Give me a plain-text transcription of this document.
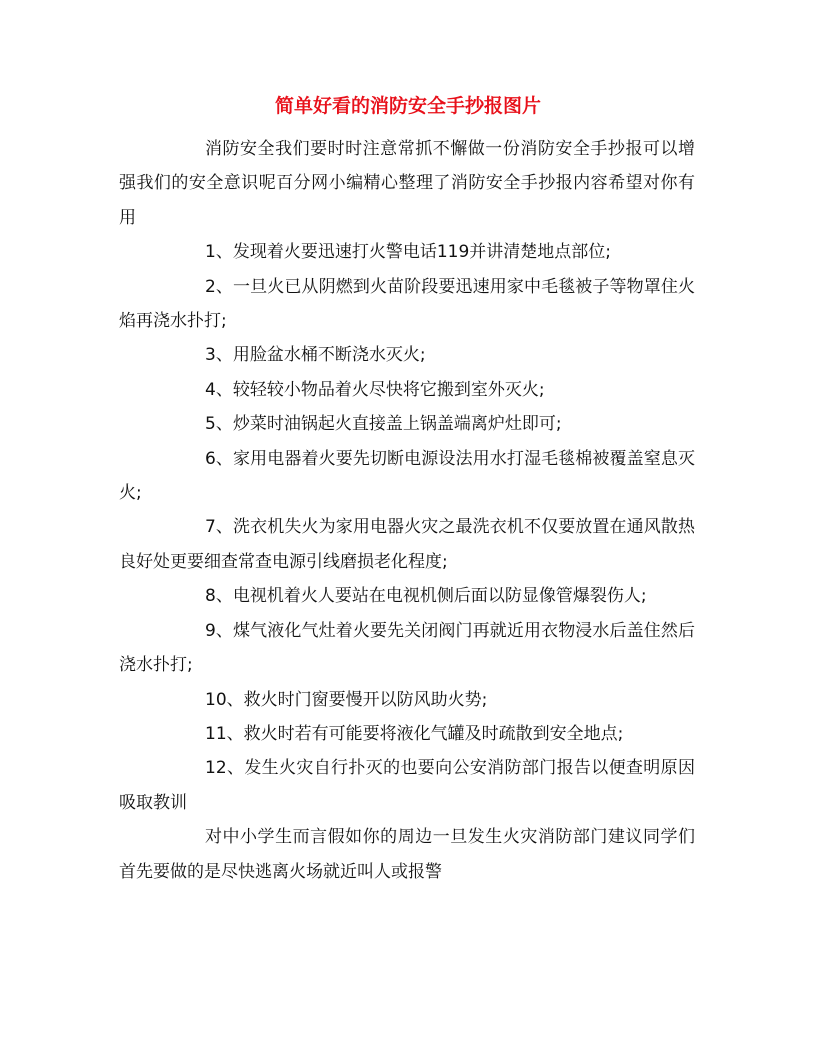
简单好看的消防安全手抄报图片

消防安全我们要时时注意常抓不懈做一份消防安全手抄报可以增强我们的安全意识呢百分网小编精心整理了消防安全手抄报内容希望对你有用

1、发现着火要迅速打火警电话119并讲清楚地点部位;

2、一旦火已从阴燃到火苗阶段要迅速用家中毛毯被子等物罩住火焰再浇水扑打;

3、用脸盆水桶不断浇水灭火;

4、较轻较小物品着火尽快将它搬到室外灭火;

5、炒菜时油锅起火直接盖上锅盖端离炉灶即可;

6、家用电器着火要先切断电源设法用水打湿毛毯棉被覆盖窒息灭火;

7、洗衣机失火为家用电器火灾之最洗衣机不仅要放置在通风散热良好处更要细查常查电源引线磨损老化程度;

8、电视机着火人要站在电视机侧后面以防显像管爆裂伤人;

9、煤气液化气灶着火要先关闭阀门再就近用衣物浸水后盖住然后浇水扑打;

10、救火时门窗要慢开以防风助火势;

11、救火时若有可能要将液化气罐及时疏散到安全地点;

12、发生火灾自行扑灭的也要向公安消防部门报告以便查明原因吸取教训

对中小学生而言假如你的周边一旦发生火灾消防部门建议同学们首先要做的是尽快逃离火场就近叫人或报警
